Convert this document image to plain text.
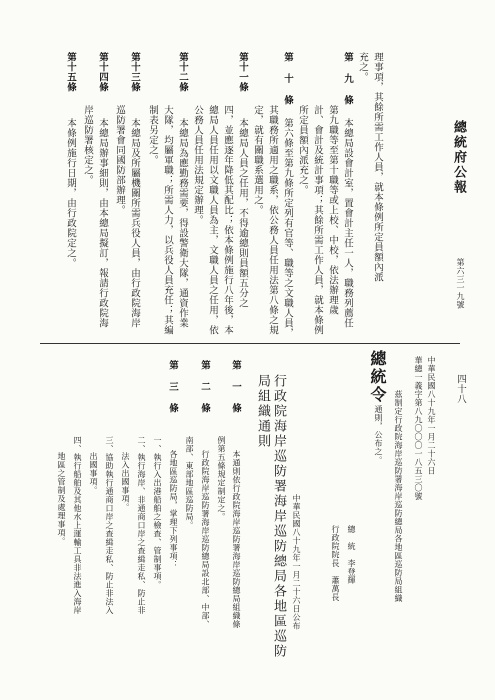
總統府公報
第六三一九號
四十八
理事項，其餘所需工作人員，就本條例所定員額內派
充之。
第 九 條
本總局設會計室，置會計主任一人，職務列薦任
第九職等至第十職等或上校、中校，依法辦理歲
計、會計及統計事項；其餘所需工作人員，就本條例
所定員額內派充之。
第 十 條
第六條至第九條所定列有官等、職等之文職人員，
其職務所適用之職系，依公務人員任用法第八條之規
定，就有關職系選用之。
第十一條
本總局人員之任用，不得逾總則員額五分之
四，並應逐年降低其配比；依本條例施行八年後，本
總局人員任用以文職人員為主，文職人員之任用，依
公務人員任用法規定辦理。
第十二條
本總局為應勤務需要，得設警衛大隊，通資作業
大隊，均屬軍職；所需人力，以兵役人員充任；其編
制表另定之。
第十三條
本總局及所屬機關所需兵役人員，由行政院海岸
巡防署會同國防部辦理。
第十四條
本總局辦事細則，由本總局擬訂，報請行政院海
岸巡防署核定之。
第十五條
本條例施行日期，由行政院定之。
中華民國八十九年一月二十六日
華總一義字第八九〇〇〇一八五三〇號
茲制定行政院海岸巡防署海岸巡防總局各地區巡防局組織
總統令
通則，公布之。
總　統　李登輝
行政院院長　蕭萬長
中華民國八十九年一月二十六日公布
行政院海岸巡防署海岸巡防總局各地區巡防
局組織通則
第 一 條
本通則依行政院海岸巡防署海岸巡防總局組織條
例第五條規定制定之。
第 二 條
行政院海岸巡防署海岸巡防總局設北部、中部、
南部、東部地區巡防局。
第 三 條
各地區巡防局，掌理下列事項：
一、執行入出港船舶之檢查、管制事項。
二、執行海岸、非通商口岸之查緝走私、防止非
法入出國事項。
三、協助執行通商口岸之查緝走私、防止非法入
出國事項。
四、執行船舶及其他水上運輸工具非法進入海岸
地區之管制及處理事項。
